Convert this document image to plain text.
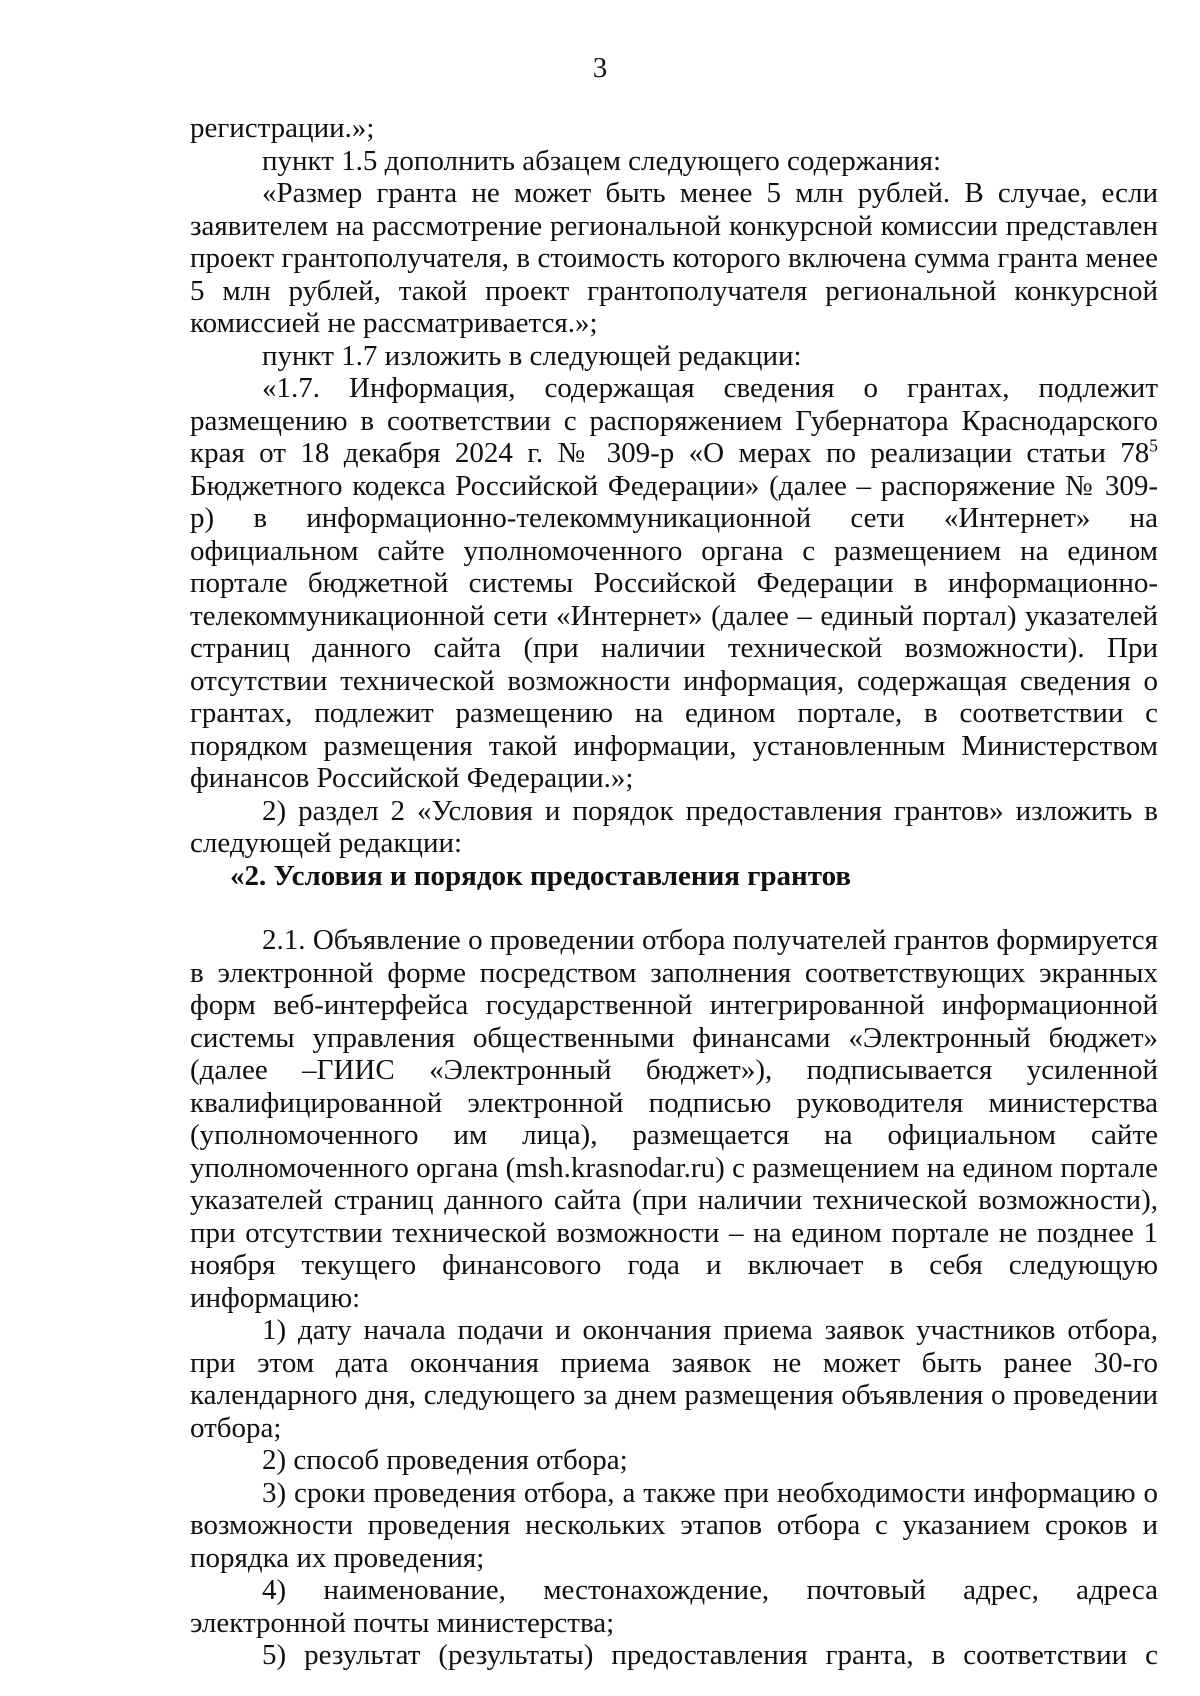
3

регистрации.»;

пункт 1.5 дополнить абзацем следующего содержания:

«Размер гранта не может быть менее 5 млн рублей. В случае, если заявителем на рассмотрение региональной конкурсной комиссии представлен проект грантополучателя, в стоимость которого включена сумма гранта менее 5 млн рублей, такой проект грантополучателя региональной конкурсной комиссией не рассматривается.»;

пункт 1.7 изложить в следующей редакции:

«1.7. Информация, содержащая сведения о грантах, подлежит размещению в соответствии с распоряжением Губернатора Краснодарского края от 18 декабря 2024 г. № 309-р «О мерах по реализации статьи $78^5$ Бюджетного кодекса Российской Федерации» (далее – распоряжение № 309-р) в информационно-телекоммуникационной сети «Интернет» на официальном сайте уполномоченного органа с размещением на едином портале бюджетной системы Российской Федерации в информационно-телекоммуникационной сети «Интернет» (далее – единый портал) указателей страниц данного сайта (при наличии технической возможности). При отсутствии технической возможности информация, содержащая сведения о грантах, подлежит размещению на едином портале, в соответствии с порядком размещения такой информации, установленным Министерством финансов Российской Федерации.»;

2) раздел 2 «Условия и порядок предоставления грантов» изложить в следующей редакции:

«2. Условия и порядок предоставления грантов

2.1. Объявление о проведении отбора получателей грантов формируется в электронной форме посредством заполнения соответствующих экранных форм веб-интерфейса государственной интегрированной информационной системы управления общественными финансами «Электронный бюджет» (далее –ГИИС «Электронный бюджет»), подписывается усиленной квалифицированной электронной подписью руководителя министерства (уполномоченного им лица), размещается на официальном сайте уполномоченного органа (msh.krasnodar.ru) с размещением на едином портале указателей страниц данного сайта (при наличии технической возможности), при отсутствии технической возможности – на едином портале не позднее 1 ноября текущего финансового года и включает в себя следующую информацию:

1) дату начала подачи и окончания приема заявок участников отбора, при этом дата окончания приема заявок не может быть ранее 30-го календарного дня, следующего за днем размещения объявления о проведении отбора;

2) способ проведения отбора;

3) сроки проведения отбора, а также при необходимости информацию о возможности проведения нескольких этапов отбора с указанием сроков и порядка их проведения;

4) наименование, местонахождение, почтовый адрес, адреса электронной почты министерства;

5) результат (результаты) предоставления гранта, в соответствии с
